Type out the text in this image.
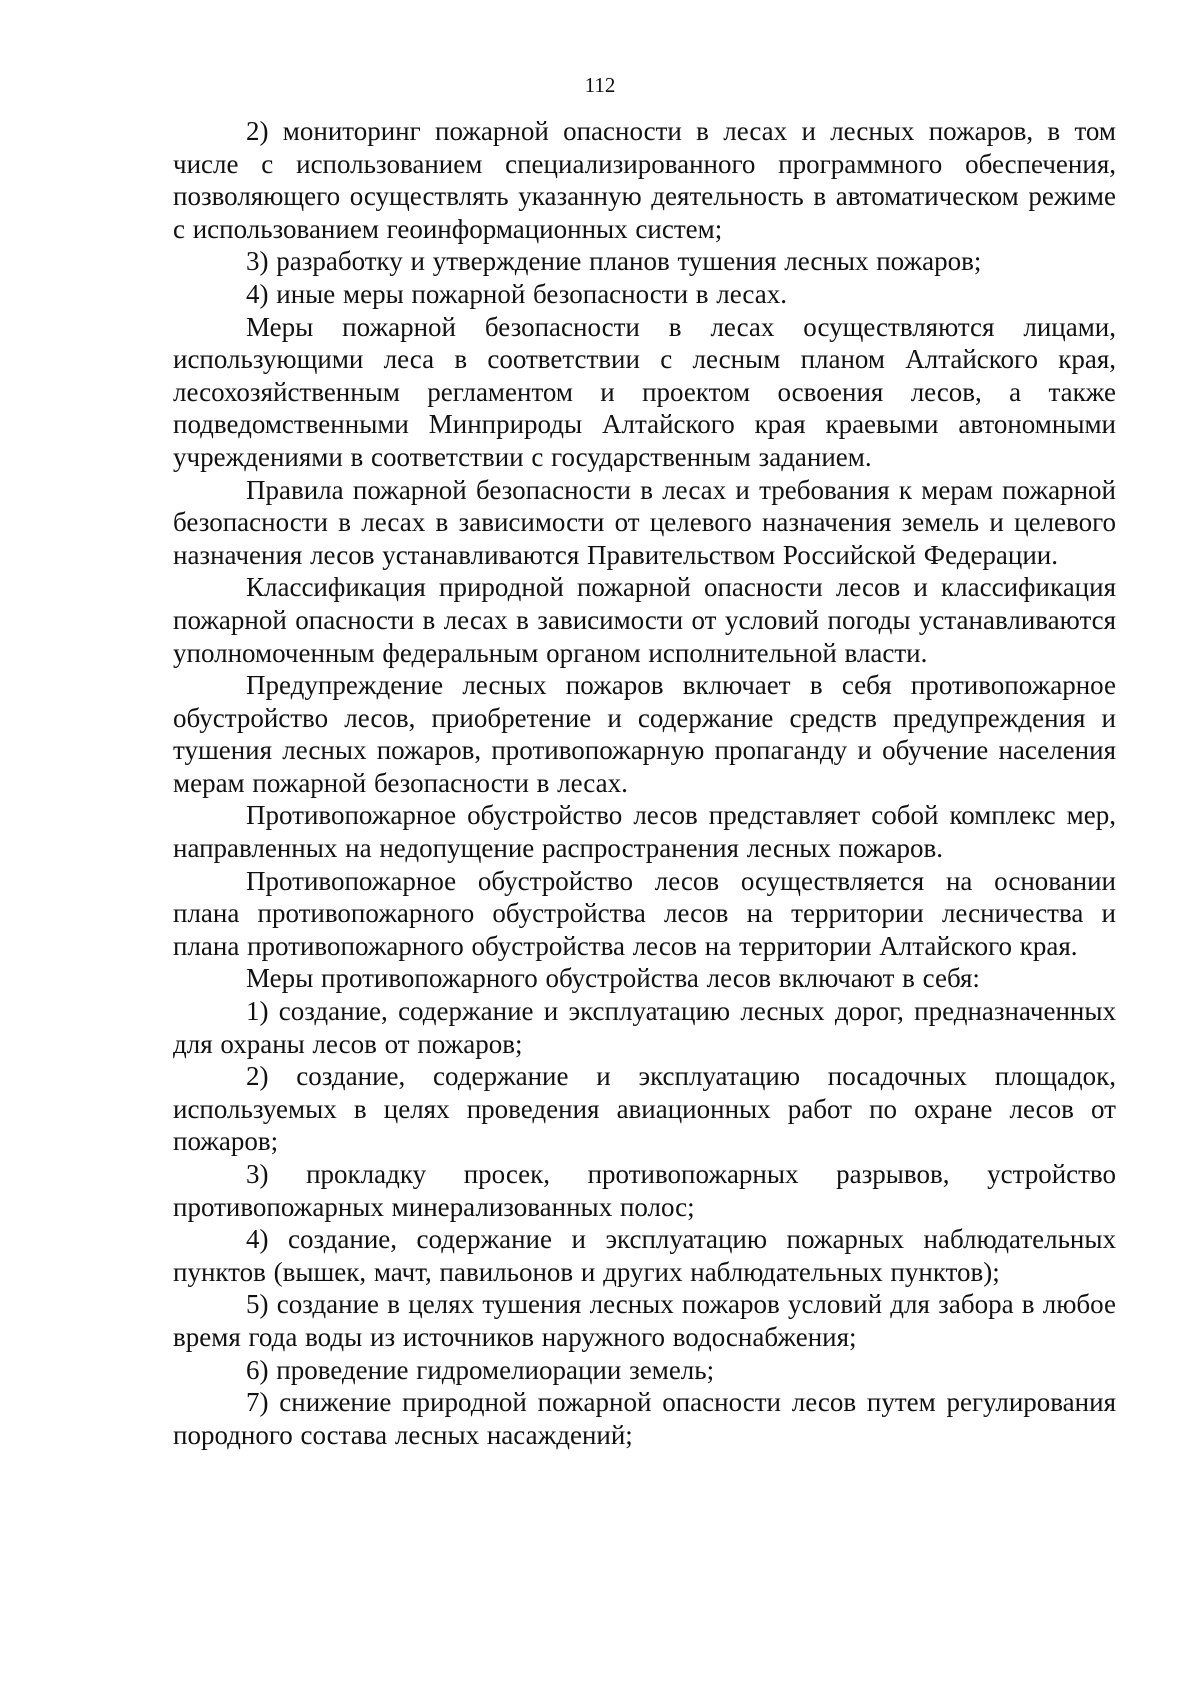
112

2) мониторинг пожарной опасности в лесах и лесных пожаров, в том числе с использованием специализированного программного обеспечения, позволяющего осуществлять указанную деятельность в автоматическом режиме с использованием геоинформационных систем;

3) разработку и утверждение планов тушения лесных пожаров;

4) иные меры пожарной безопасности в лесах.

Меры пожарной безопасности в лесах осуществляются лицами, использующими леса в соответствии с лесным планом Алтайского края, лесохозяйственным регламентом и проектом освоения лесов, а также подведомственными Минприроды Алтайского края краевыми автономными учреждениями в соответствии с государственным заданием.

Правила пожарной безопасности в лесах и требования к мерам пожарной безопасности в лесах в зависимости от целевого назначения земель и целевого назначения лесов устанавливаются Правительством Российской Федерации.

Классификация природной пожарной опасности лесов и классификация пожарной опасности в лесах в зависимости от условий погоды устанавливаются уполномоченным федеральным органом исполнительной власти.

Предупреждение лесных пожаров включает в себя противопожарное обустройство лесов, приобретение и содержание средств предупреждения и тушения лесных пожаров, противопожарную пропаганду и обучение населения мерам пожарной безопасности в лесах.

Противопожарное обустройство лесов представляет собой комплекс мер, направленных на недопущение распространения лесных пожаров.

Противопожарное обустройство лесов осуществляется на основании плана противопожарного обустройства лесов на территории лесничества и плана противопожарного обустройства лесов на территории Алтайского края.

Меры противопожарного обустройства лесов включают в себя:

1) создание, содержание и эксплуатацию лесных дорог, предназначенных для охраны лесов от пожаров;

2) создание, содержание и эксплуатацию посадочных площадок, используемых в целях проведения авиационных работ по охране лесов от пожаров;

3) прокладку просек, противопожарных разрывов, устройство противопожарных минерализованных полос;

4) создание, содержание и эксплуатацию пожарных наблюдательных пунктов (вышек, мачт, павильонов и других наблюдательных пунктов);

5) создание в целях тушения лесных пожаров условий для забора в любое время года воды из источников наружного водоснабжения;

6) проведение гидромелиорации земель;

7) снижение природной пожарной опасности лесов путем регулирования породного состава лесных насаждений;
